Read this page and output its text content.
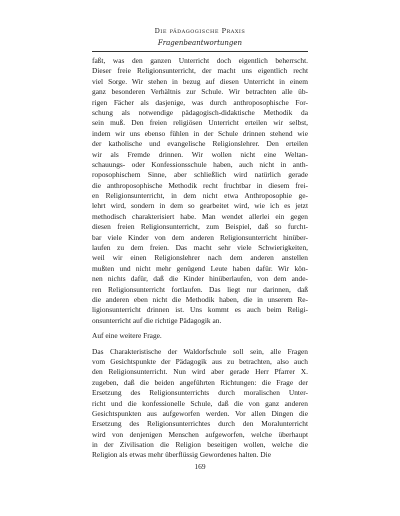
Die pädagogische Praxis
Fragenbeantwortungen
faßt, was den ganzen Unterricht doch eigentlich beherrscht.
Dieser freie Religionsunterricht, der macht uns eigentlich recht
viel Sorge. Wir stehen in bezug auf diesen Unterricht in einem
ganz besonderen Verhältnis zur Schule. Wir betrachten alle üb-
rigen Fächer als dasjenige, was durch anthroposophische For-
schung als notwendige pädagogisch-didaktische Methodik da
sein muß. Den freien religiösen Unterricht erteilen wir selbst,
indem wir uns ebenso fühlen in der Schule drinnen stehend wie
der katholische und evangelische Religionslehrer. Den erteilen
wir als Fremde drinnen. Wir wollen nicht eine Weltan-
schauungs- oder Konfessionsschule haben, auch nicht in anth-
roposophischem Sinne, aber schließlich wird natürlich gerade
die anthroposophische Methodik recht fruchtbar in diesem frei-
en Religionsunterricht, in dem nicht etwa Anthroposophie ge-
lehrt wird, sondern in dem so gearbeitet wird, wie ich es jetzt
methodisch charakterisiert habe. Man wendet allerlei ein gegen
diesen freien Religionsunterricht, zum Beispiel, daß so furcht-
bar viele Kinder von dem anderen Religionsunterricht hinüber-
laufen zu dem freien. Das macht sehr viele Schwierigkeiten,
weil wir einen Religionslehrer nach dem anderen anstellen
mußten und nicht mehr genügend Leute haben dafür. Wir kön-
nen nichts dafür, daß die Kinder hinüberlaufen, von dem ande-
ren Religionsunterricht fortlaufen. Das liegt nur darinnen, daß
die anderen eben nicht die Methodik haben, die in unserem Re-
ligionsunterricht drinnen ist. Uns kommt es auch beim Religi-
onsunterricht auf die richtige Pädagogik an.
Auf eine weitere Frage.
Das Charakteristische der Waldorfschule soll sein, alle Fragen
vom Gesichtspunkte der Pädagogik aus zu betrachten, also auch
den Religionsunterricht. Nun wird aber gerade Herr Pfarrer X.
zugeben, daß die beiden angeführten Richtungen: die Frage der
Ersetzung des Religionsunterrichts durch moralischen Unter-
richt und die konfessionelle Schule, daß die von ganz anderen
Gesichtspunkten aus aufgeworfen werden. Vor allen Dingen die
Ersetzung des Religionsunterrichtes durch den Moralunterricht
wird von denjenigen Menschen aufgeworfen, welche überhaupt
in der Zivilisation die Religion beseitigen wollen, welche die
Religion als etwas mehr überflüssig Gewordenes halten. Die
169
